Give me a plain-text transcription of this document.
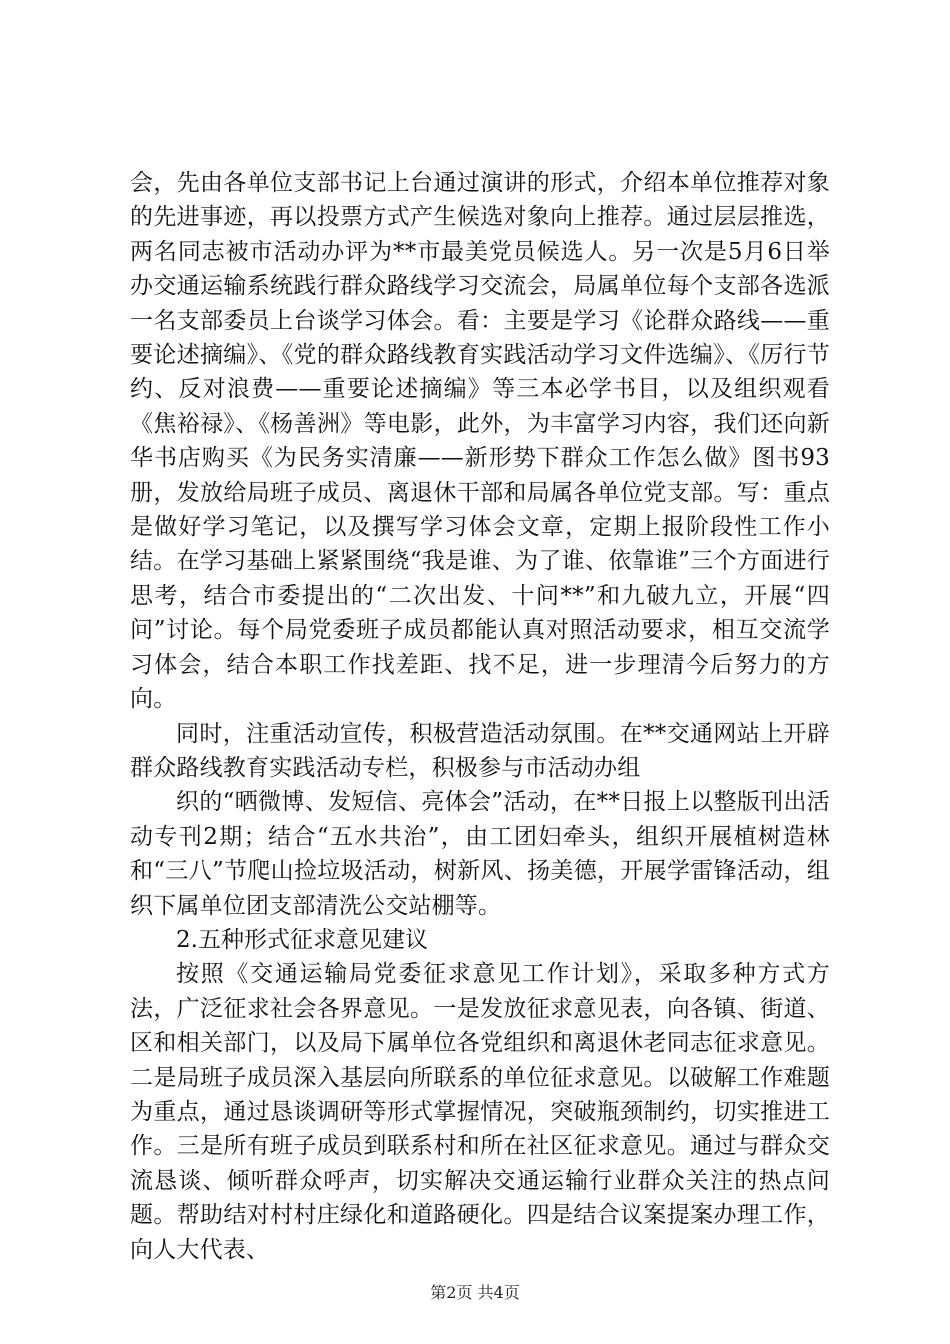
会，先由各单位支部书记上台通过演讲的形式，介绍本单位推荐对象的先进事迹，再以投票方式产生候选对象向上推荐。通过层层推选，两名同志被市活动办评为**市最美党员候选人。另一次是5月6日举办交通运输系统践行群众路线学习交流会，局属单位每个支部各选派一名支部委员上台谈学习体会。看：主要是学习《论群众路线——重要论述摘编》、《党的群众路线教育实践活动学习文件选编》、《厉行节约、反对浪费——重要论述摘编》等三本必学书目，以及组织观看《焦裕禄》、《杨善洲》等电影，此外，为丰富学习内容，我们还向新华书店购买《为民务实清廉——新形势下群众工作怎么做》图书93册，发放给局班子成员、离退休干部和局属各单位党支部。写：重点是做好学习笔记，以及撰写学习体会文章，定期上报阶段性工作小结。在学习基础上紧紧围绕“我是谁、为了谁、依靠谁”三个方面进行思考，结合市委提出的“二次出发、十问**”和九破九立，开展“四问”讨论。每个局党委班子成员都能认真对照活动要求，相互交流学习体会，结合本职工作找差距、找不足，进一步理清今后努力的方向。

同时，注重活动宣传，积极营造活动氛围。在**交通网站上开辟群众路线教育实践活动专栏，积极参与市活动办组

织的“晒微博、发短信、亮体会”活动，在**日报上以整版刊出活动专刊2期；结合“五水共治”，由工团妇牵头，组织开展植树造林和“三八”节爬山捡垃圾活动，树新风、扬美德，开展学雷锋活动，组织下属单位团支部清洗公交站棚等。

2.五种形式征求意见建议

按照《交通运输局党委征求意见工作计划》，采取多种方式方法，广泛征求社会各界意见。一是发放征求意见表，向各镇、街道、区和相关部门，以及局下属单位各党组织和离退休老同志征求意见。二是局班子成员深入基层向所联系的单位征求意见。以破解工作难题为重点，通过恳谈调研等形式掌握情况，突破瓶颈制约，切实推进工作。三是所有班子成员到联系村和所在社区征求意见。通过与群众交流恳谈、倾听群众呼声，切实解决交通运输行业群众关注的热点问题。帮助结对村村庄绿化和道路硬化。四是结合议案提案办理工作，向人大代表、

第2页 共4页
